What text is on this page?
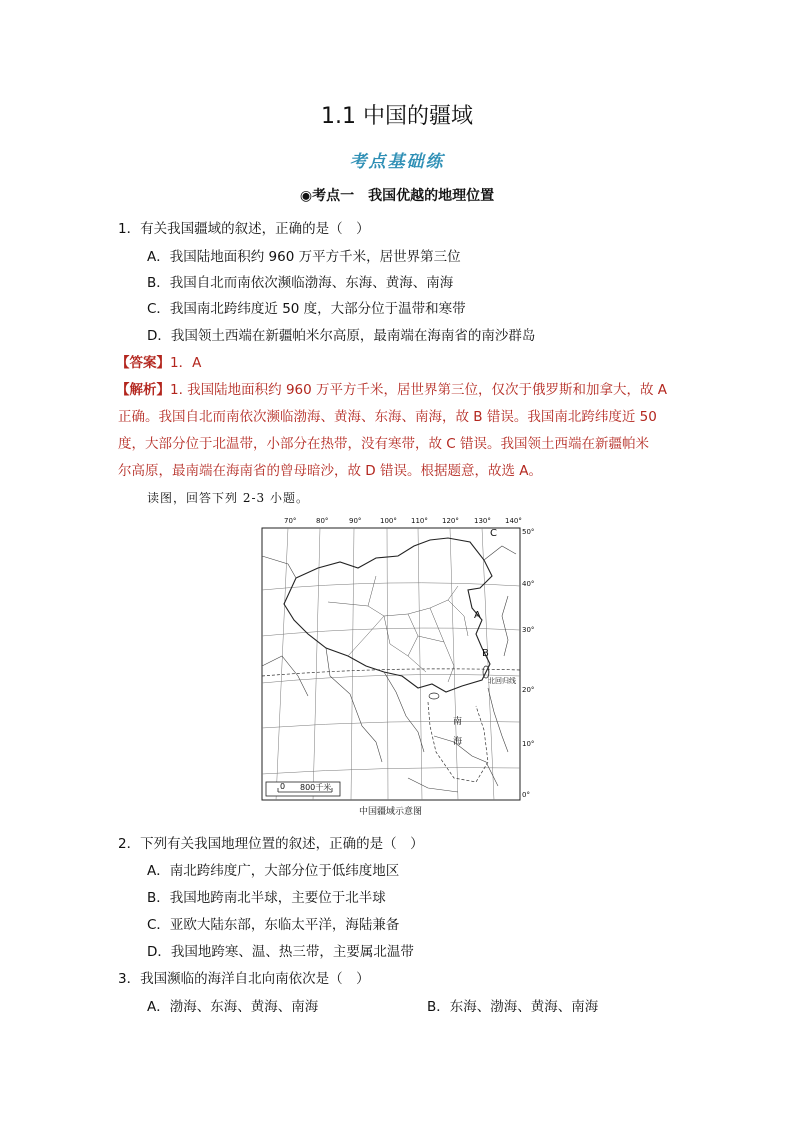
1.1 中国的疆域
考点基础练
◉考点一　我国优越的地理位置
1．有关我国疆域的叙述，正确的是（　）
A．我国陆地面积约 960 万平方千米，居世界第三位
B．我国自北而南依次濒临渤海、东海、黄海、南海
C．我国南北跨纬度近 50 度，大部分位于温带和寒带
D．我国领土西端在新疆帕米尔高原，最南端在海南省的南沙群岛
【答案】1．A
【解析】1. 我国陆地面积约 960 万平方千米，居世界第三位，仅次于俄罗斯和加拿大，故 A
正确。我国自北而南依次濒临渤海、黄海、东海、南海，故 B 错误。我国南北跨纬度近 50
度，大部分位于北温带，小部分在热带，没有寒带，故 C 错误。我国领土西端在新疆帕米
尔高原，最南端在海南省的曾母暗沙，故 D 错误。根据题意，故选 A。
读图，回答下列 2-3 小题。
70°	80°	90°	100° 110° 120° 130° 140°
50°
40°
30°
20°
10°
0°
A
B
C
南
海
北回归线
0 800千米
中国疆域示意图
2．下列有关我国地理位置的叙述，正确的是（　）
A．南北跨纬度广，大部分位于低纬度地区
B．我国地跨南北半球，主要位于北半球
C．亚欧大陆东部，东临太平洋，海陆兼备
D．我国地跨寒、温、热三带，主要属北温带
3．我国濒临的海洋自北向南依次是（　）
A．渤海、东海、黄海、南海	B．东海、渤海、黄海、南海
